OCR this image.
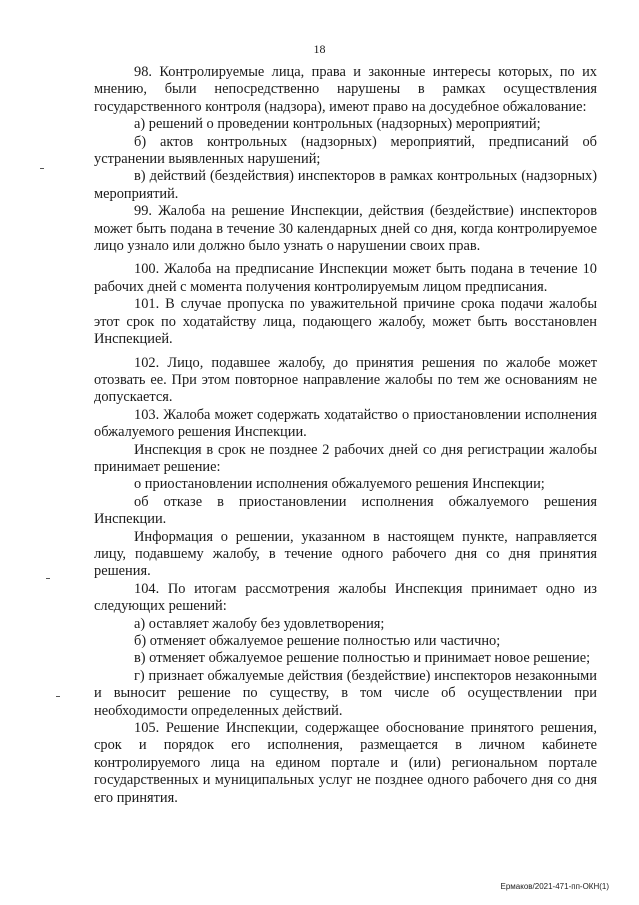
18

98. Контролируемые лица, права и законные интересы которых, по их мнению, были непосредственно нарушены в рамках осуществления государственного контроля (надзора), имеют право на досудебное обжалование:

а) решений о проведении контрольных (надзорных) мероприятий;

б) актов контрольных (надзорных) мероприятий, предписаний об устранении выявленных нарушений;

в) действий (бездействия) инспекторов в рамках контрольных (надзорных) мероприятий.

99. Жалоба на решение Инспекции, действия (бездействие) инспекторов может быть подана в течение 30 календарных дней со дня, когда контролируемое лицо узнало или должно было узнать о нарушении своих прав.

100. Жалоба на предписание Инспекции может быть подана в течение 10 рабочих дней с момента получения контролируемым лицом предписания.

101. В случае пропуска по уважительной причине срока подачи жалобы этот срок по ходатайству лица, подающего жалобу, может быть восстановлен Инспекцией.

102. Лицо, подавшее жалобу, до принятия решения по жалобе может отозвать ее. При этом повторное направление жалобы по тем же основаниям не допускается.

103. Жалоба может содержать ходатайство о приостановлении исполнения обжалуемого решения Инспекции.

Инспекция в срок не позднее 2 рабочих дней со дня регистрации жалобы принимает решение:

о приостановлении исполнения обжалуемого решения Инспекции;

об отказе в приостановлении исполнения обжалуемого решения Инспекции.

Информация о решении, указанном в настоящем пункте, направляется лицу, подавшему жалобу, в течение одного рабочего дня со дня принятия решения.

104. По итогам рассмотрения жалобы Инспекция принимает одно из следующих решений:

а) оставляет жалобу без удовлетворения;

б) отменяет обжалуемое решение полностью или частично;

в) отменяет обжалуемое решение полностью и принимает новое решение;

г) признает обжалуемые действия (бездействие) инспекторов незаконными и выносит решение по существу, в том числе об осуществлении при необходимости определенных действий.

105. Решение Инспекции, содержащее обоснование принятого решения, срок и порядок его исполнения, размещается в личном кабинете контролируемого лица на едином портале и (или) региональном портале государственных и муниципальных услуг не позднее одного рабочего дня со дня его принятия.

Ермаков/2021-471-пп-ОКН(1)
